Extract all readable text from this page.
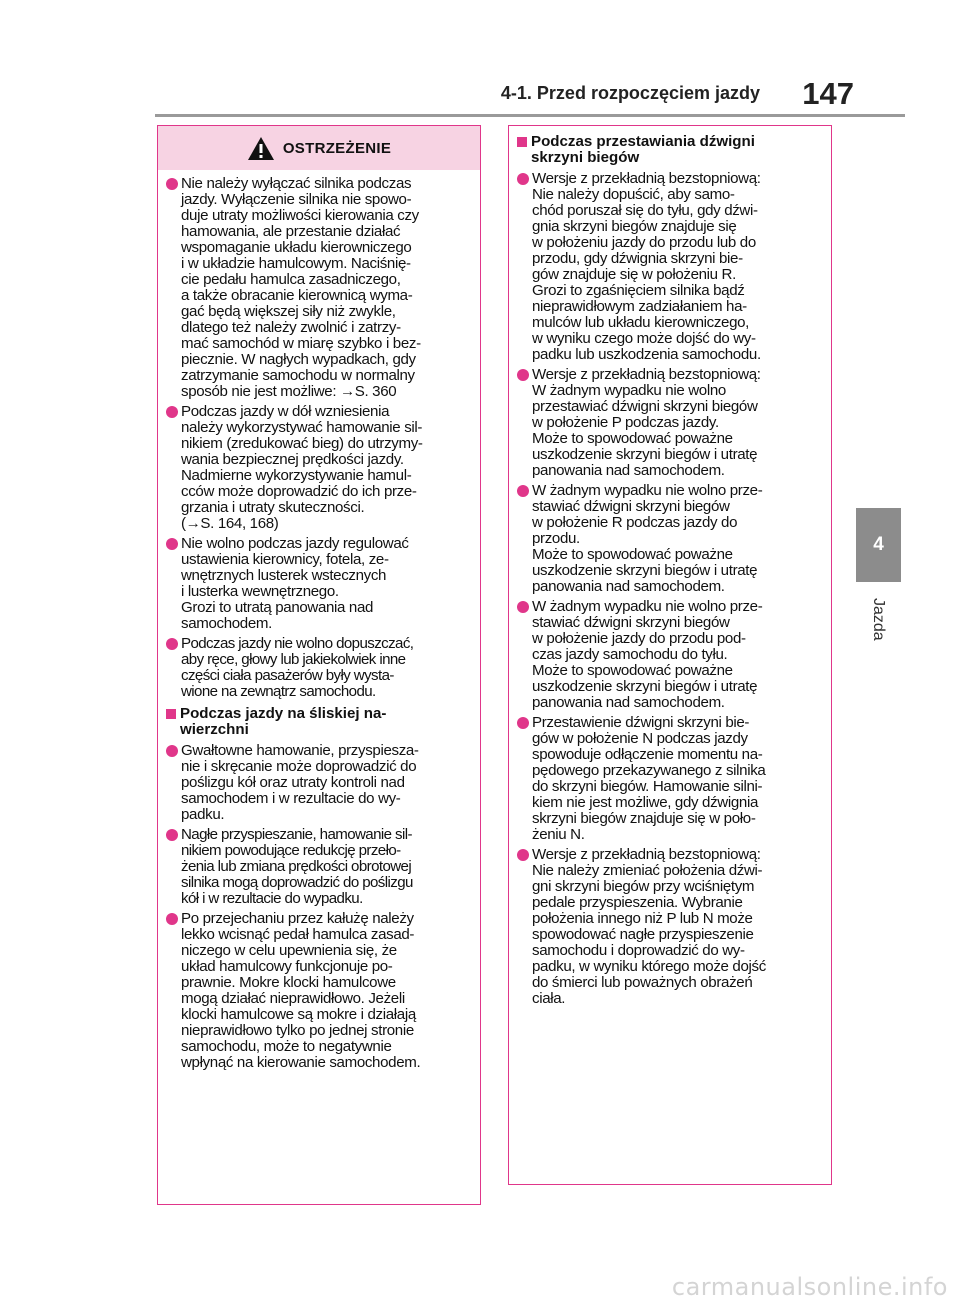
4-1. Przed rozpoczęciem jazdy 147
4
Jazda
OSTRZEŻENIE
Nie należy wyłączać silnika podczas
jazdy. Wyłączenie silnika nie spowo-
duje utraty możliwości kierowania czy
hamowania, ale przestanie działać
wspomaganie układu kierowniczego
i w układzie hamulcowym. Naciśnię-
cie pedału hamulca zasadniczego,
a także obracanie kierownicą wyma-
gać będą większej siły niż zwykle,
dlatego też należy zwolnić i zatrzy-
mać samochód w miarę szybko i bez-
piecznie. W nagłych wypadkach, gdy
zatrzymanie samochodu w normalny
sposób nie jest możliwe: →S. 360
Podczas jazdy w dół wzniesienia
należy wykorzystywać hamowanie sil-
nikiem (zredukować bieg) do utrzymy-
wania bezpiecznej prędkości jazdy.
Nadmierne wykorzystywanie hamul-
cców może doprowadzić do ich prze-
grzania i utraty skuteczności.
(→S. 164, 168)
Nie wolno podczas jazdy regulować
ustawienia kierownicy, fotela, ze-
wnętrznych lusterek wstecznych
i lusterka wewnętrznego.
Grozi to utratą panowania nad
samochodem.
Podczas jazdy nie wolno dopuszczać,
aby ręce, głowy lub jakiekolwiek inne
części ciała pasażerów były wysta-
wione na zewnątrz samochodu.
Podczas jazdy na śliskiej na-
wierzchni
Gwałtowne hamowanie, przyspiesza-
nie i skręcanie może doprowadzić do
poślizgu kół oraz utraty kontroli nad
samochodem i w rezultacie do wy-
padku.
Nagłe przyspieszanie, hamowanie sil-
nikiem powodujące redukcję przeło-
żenia lub zmiana prędkości obrotowej
silnika mogą doprowadzić do poślizgu
kół i w rezultacie do wypadku.
Po przejechaniu przez kałużę należy
lekko wcisnąć pedał hamulca zasad-
niczego w celu upewnienia się, że
układ hamulcowy funkcjonuje po-
prawnie. Mokre klocki hamulcowe
mogą działać nieprawidłowo. Jeżeli
klocki hamulcowe są mokre i działają
nieprawidłowo tylko po jednej stronie
samochodu, może to negatywnie
wpłynąć na kierowanie samochodem.
Podczas przestawiania dźwigni
skrzyni biegów
Wersje z przekładnią bezstopniową:
Nie należy dopuścić, aby samo-
chód poruszał się do tyłu, gdy dźwi-
gnia skrzyni biegów znajduje się
w położeniu jazdy do przodu lub do
przodu, gdy dźwignia skrzyni bie-
gów znajduje się w położeniu R.
Grozi to zgaśnięciem silnika bądź
nieprawidłowym zadziałaniem ha-
mulców lub układu kierowniczego,
w wyniku czego może dojść do wy-
padku lub uszkodzenia samochodu.
Wersje z przekładnią bezstopniową:
W żadnym wypadku nie wolno
przestawiać dźwigni skrzyni biegów
w położenie P podczas jazdy.
Może to spowodować poważne
uszkodzenie skrzyni biegów i utratę
panowania nad samochodem.
W żadnym wypadku nie wolno prze-
stawiać dźwigni skrzyni biegów
w położenie R podczas jazdy do
przodu.
Może to spowodować poważne
uszkodzenie skrzyni biegów i utratę
panowania nad samochodem.
W żadnym wypadku nie wolno prze-
stawiać dźwigni skrzyni biegów
w położenie jazdy do przodu pod-
czas jazdy samochodu do tyłu.
Może to spowodować poważne
uszkodzenie skrzyni biegów i utratę
panowania nad samochodem.
Przestawienie dźwigni skrzyni bie-
gów w położenie N podczas jazdy
spowoduje odłączenie momentu na-
pędowego przekazywanego z silnika
do skrzyni biegów. Hamowanie silni-
kiem nie jest możliwe, gdy dźwignia
skrzyni biegów znajduje się w poło-
żeniu N.
Wersje z przekładnią bezstopniową:
Nie należy zmieniać położenia dźwi-
gni skrzyni biegów przy wciśniętym
pedale przyspieszenia. Wybranie
położenia innego niż P lub N może
spowodować nagłe przyspieszenie
samochodu i doprowadzić do wy-
padku, w wyniku którego może dojść
do śmierci lub poważnych obrażeń
ciała.
carmanualsonline.info
